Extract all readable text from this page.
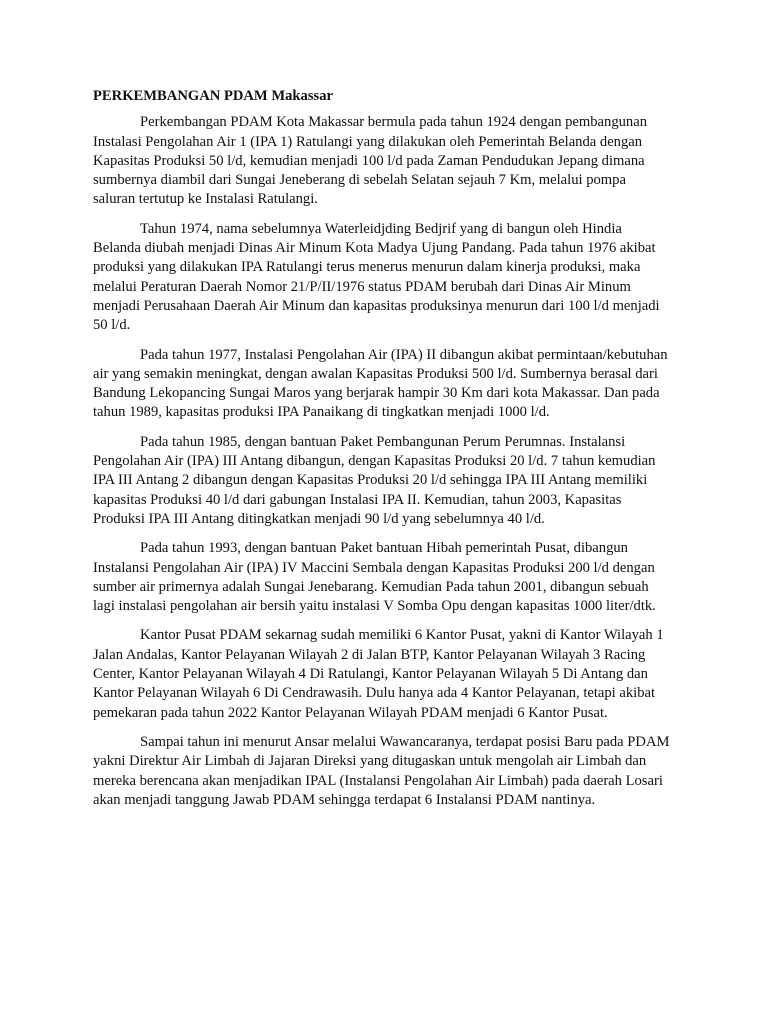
PERKEMBANGAN PDAM Makassar

Perkembangan PDAM Kota Makassar bermula pada tahun 1924 dengan pembangunan Instalasi Pengolahan Air 1 (IPA 1) Ratulangi yang dilakukan oleh Pemerintah Belanda dengan Kapasitas Produksi 50 l/d, kemudian menjadi 100 l/d pada Zaman Pendudukan Jepang dimana sumbernya diambil dari Sungai Jeneberang di sebelah Selatan sejauh 7 Km, melalui pompa saluran tertutup ke Instalasi Ratulangi.

Tahun 1974, nama sebelumnya Waterleidjding Bedjrif yang di bangun oleh Hindia Belanda diubah menjadi Dinas Air Minum Kota Madya Ujung Pandang. Pada tahun 1976 akibat produksi yang dilakukan IPA Ratulangi terus menerus menurun dalam kinerja produksi, maka melalui Peraturan Daerah Nomor 21/P/II/1976 status PDAM berubah dari Dinas Air Minum menjadi Perusahaan Daerah Air Minum dan kapasitas produksinya menurun dari 100 l/d menjadi 50 l/d.

Pada tahun 1977, Instalasi Pengolahan Air (IPA) II dibangun akibat permintaan/kebutuhan air yang semakin meningkat, dengan awalan Kapasitas Produksi 500 l/d. Sumbernya berasal dari Bandung Lekopancing Sungai Maros yang berjarak hampir 30 Km dari kota Makassar. Dan pada tahun 1989, kapasitas produksi IPA Panaikang di tingkatkan menjadi 1000 l/d.

Pada tahun 1985, dengan bantuan Paket Pembangunan Perum Perumnas. Instalansi Pengolahan Air (IPA) III Antang dibangun, dengan Kapasitas Produksi 20 l/d. 7 tahun kemudian IPA III Antang 2 dibangun dengan Kapasitas Produksi 20 l/d sehingga IPA III Antang memiliki kapasitas Produksi 40 l/d dari gabungan Instalasi IPA II. Kemudian, tahun 2003, Kapasitas Produksi IPA III Antang ditingkatkan menjadi 90 l/d yang sebelumnya 40 l/d.

Pada tahun 1993, dengan bantuan Paket bantuan Hibah pemerintah Pusat, dibangun Instalansi Pengolahan Air (IPA) IV Maccini Sembala dengan Kapasitas Produksi 200 l/d dengan sumber air primernya adalah Sungai Jenebarang. Kemudian Pada tahun 2001, dibangun sebuah lagi instalasi pengolahan air bersih yaitu instalasi V Somba Opu dengan kapasitas 1000 liter/dtk.

Kantor Pusat PDAM sekarnag sudah memiliki 6 Kantor Pusat, yakni di Kantor Wilayah 1 Jalan Andalas, Kantor Pelayanan Wilayah 2 di Jalan BTP, Kantor Pelayanan Wilayah 3 Racing Center, Kantor Pelayanan Wilayah 4 Di Ratulangi, Kantor Pelayanan Wilayah 5 Di Antang dan Kantor Pelayanan Wilayah 6 Di Cendrawasih. Dulu hanya ada 4 Kantor Pelayanan, tetapi akibat pemekaran pada tahun 2022 Kantor Pelayanan Wilayah PDAM menjadi 6 Kantor Pusat.

Sampai tahun ini menurut Ansar melalui Wawancaranya, terdapat posisi Baru pada PDAM yakni Direktur Air Limbah di Jajaran Direksi yang ditugaskan untuk mengolah air Limbah dan mereka berencana akan menjadikan IPAL (Instalansi Pengolahan Air Limbah) pada daerah Losari akan menjadi tanggung Jawab PDAM sehingga terdapat 6 Instalansi PDAM nantinya.
